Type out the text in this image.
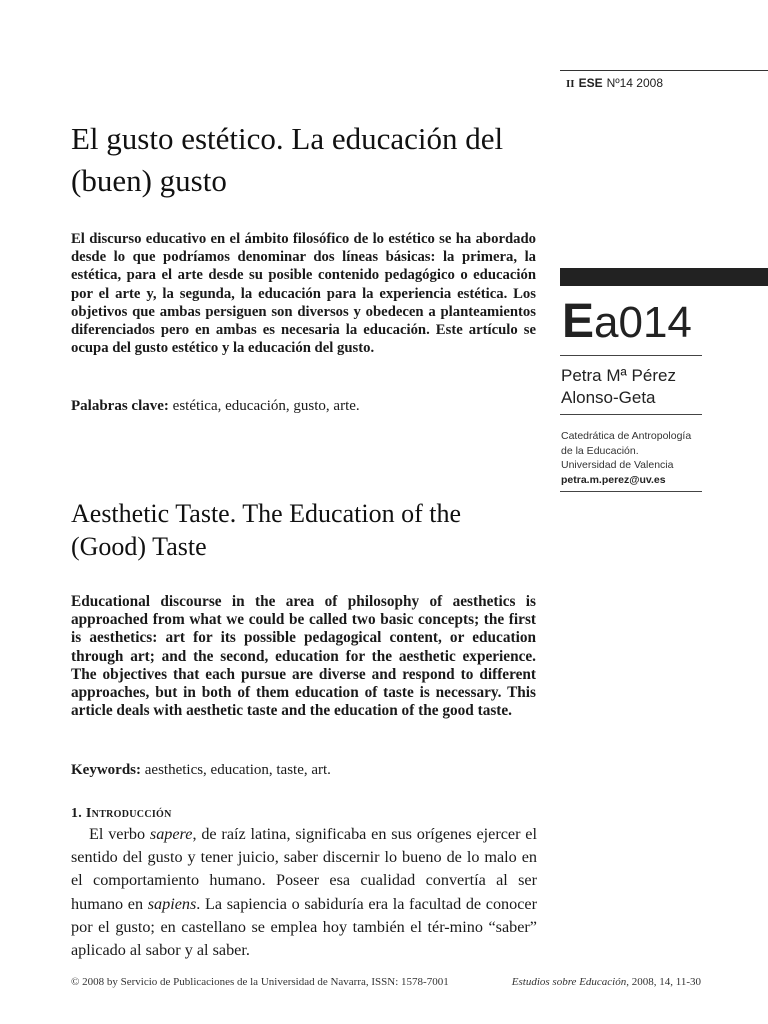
II ESE Nº14 2008
El gusto estético. La educación del (buen) gusto
El discurso educativo en el ámbito filosófico de lo estético se ha abordado desde lo que podríamos denominar dos líneas básicas: la primera, la estética, para el arte desde su posible contenido pedagógico o educación por el arte y, la segunda, la educación para la experiencia estética. Los objetivos que ambas persiguen son diversos y obedecen a planteamientos diferenciados pero en ambas es necesaria la educación. Este artículo se ocupa del gusto estético y la educación del gusto.
Palabras clave: estética, educación, gusto, arte.
Ea014
Petra Mª Pérez
Alonso-Geta
Catedrática de Antropología
de la Educación.
Universidad de Valencia
petra.m.perez@uv.es
Aesthetic Taste. The Education of the (Good) Taste
Educational discourse in the area of philosophy of aesthetics is approached from what we could be called two basic concepts; the first is aesthetics: art for its possible pedagogical content, or education through art; and the second, education for the aesthetic experience. The objectives that each pursue are diverse and respond to different approaches, but in both of them education of taste is necessary. This article deals with aesthetic taste and the education of the good taste.
Keywords: aesthetics, education, taste, art.
1. Introducción

El verbo sapere, de raíz latina, significaba en sus orígenes ejercer el sentido del gusto y tener juicio, saber discernir lo bueno de lo malo en el comportamiento humano. Poseer esa cualidad convertía al ser humano en sapiens. La sapiencia o sabiduría era la facultad de conocer por el gusto; en castellano se emplea hoy también el tér-mino “saber” aplicado al sabor y al saber.

© 2008 by Servicio de Publicaciones de la Universidad de Navarra, ISSN: 1578-7001	Estudios sobre Educación, 2008, 14, 11-30
